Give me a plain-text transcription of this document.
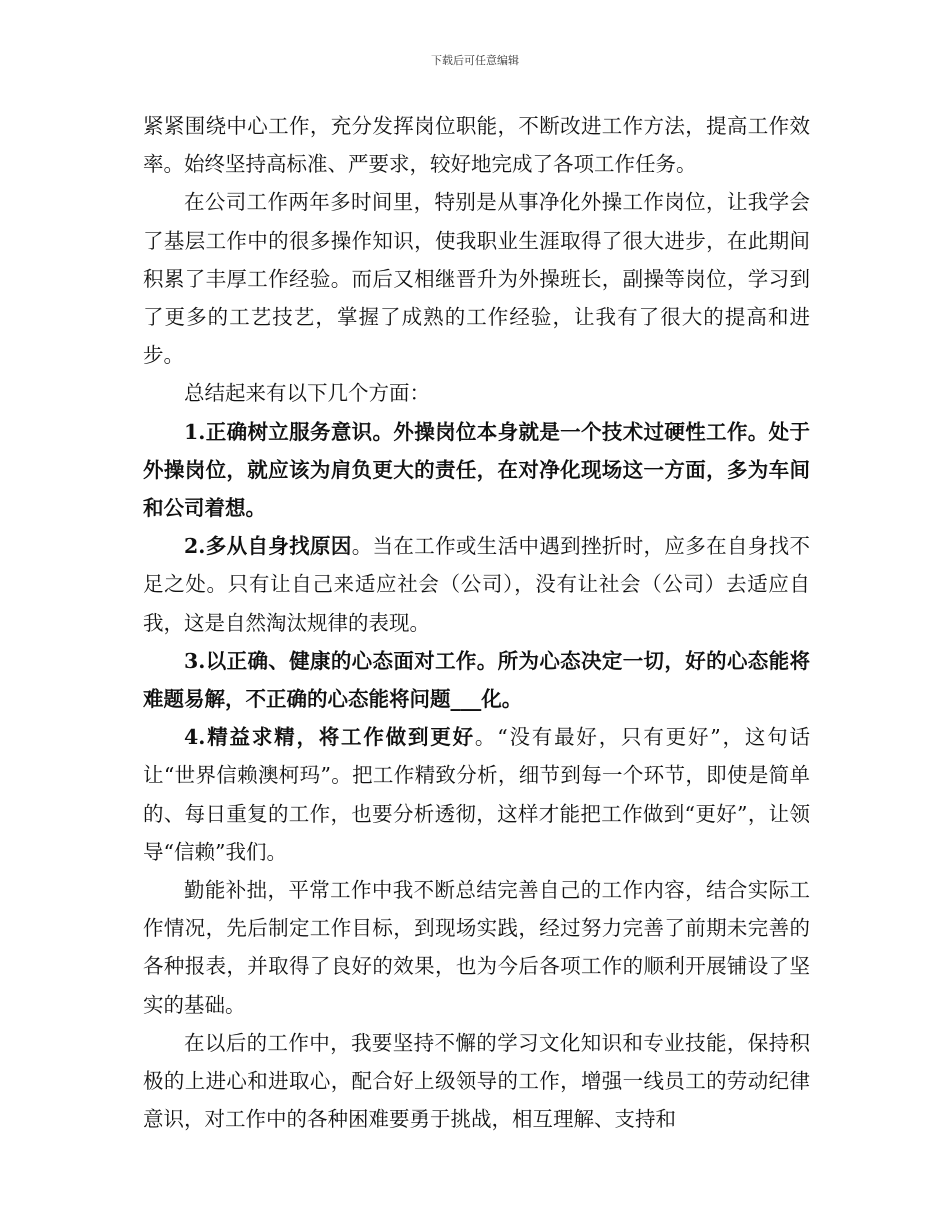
下载后可任意编辑

紧紧围绕中心工作，充分发挥岗位职能，不断改进工作方法，提高工作效率。始终坚持高标准、严要求，较好地完成了各项工作任务。

在公司工作两年多时间里，特别是从事净化外操工作岗位，让我学会了基层工作中的很多操作知识，使我职业生涯取得了很大进步，在此期间积累了丰厚工作经验。而后又相继晋升为外操班长，副操等岗位，学习到了更多的工艺技艺，掌握了成熟的工作经验，让我有了很大的提高和进步。

总结起来有以下几个方面：

1.正确树立服务意识。外操岗位本身就是一个技术过硬性工作。处于外操岗位，就应该为肩负更大的责任，在对净化现场这一方面，多为车间和公司着想。

2.多从自身找原因。当在工作或生活中遇到挫折时，应多在自身找不足之处。只有让自己来适应社会（公司），没有让社会（公司）去适应自我，这是自然淘汰规律的表现。

3.以正确、健康的心态面对工作。所为心态决定一切，好的心态能将难题易解，不正确的心态能将问题___化。

4.精益求精，将工作做到更好。“没有最好，只有更好”，这句话让“世界信赖澳柯玛”。把工作精致分析，细节到每一个环节，即使是简单的、每日重复的工作，也要分析透彻，这样才能把工作做到“更好”，让领导“信赖”我们。

勤能补拙，平常工作中我不断总结完善自己的工作内容，结合实际工作情况，先后制定工作目标，到现场实践，经过努力完善了前期未完善的各种报表，并取得了良好的效果，也为今后各项工作的顺利开展铺设了坚实的基础。

在以后的工作中，我要坚持不懈的学习文化知识和专业技能，保持积极的上进心和进取心，配合好上级领导的工作，增强一线员工的劳动纪律意识，对工作中的各种困难要勇于挑战，相互理解、支持和
